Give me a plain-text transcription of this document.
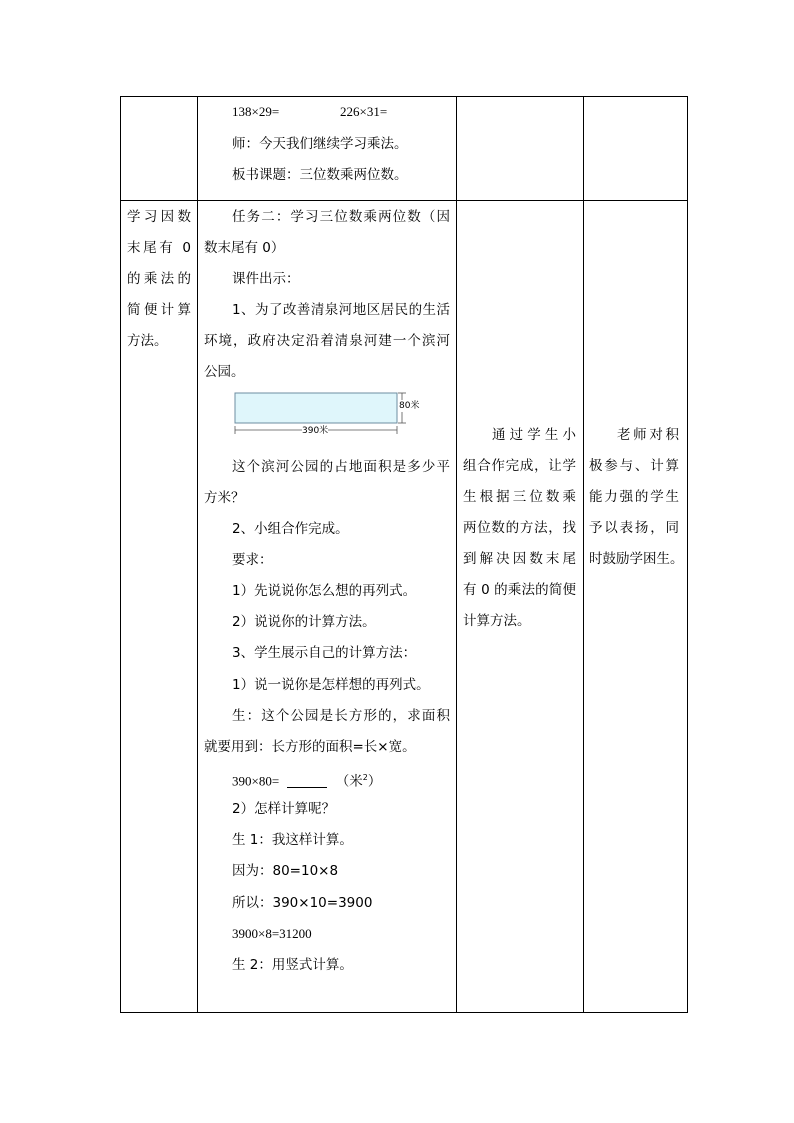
138×29=	226×31=
师：今天我们继续学习乘法。
板书课题：三位数乘两位数。
学习因数
末尾有 0
的乘法的
简便计算
方法。
任务二：学习三位数乘两位数（因
数末尾有 0）
课件出示：
1、为了改善清泉河地区居民的生活
环境，政府决定沿着清泉河建一个滨河
公园。
80米
390米
这个滨河公园的占地面积是多少平
方米？
2、小组合作完成。
要求：
1）先说说你怎么想的再列式。
2）说说你的计算方法。
3、学生展示自己的计算方法：
1）说一说你是怎样想的再列式。
生：这个公园是长方形的，求面积
就要用到：长方形的面积=长×宽。
390×80=	（米$^2$）
2）怎样计算呢？
生 1：我这样计算。
因为：80=10×8
所以：390×10=3900
3900×8=31200
生 2：用竖式计算。
通过学生小
组合作完成，让学
生根据三位数乘
两位数的方法，找
到解决因数末尾
有 0 的乘法的简便
计算方法。
老师对积
极参与、计算
能力强的学生
予以表扬，同
时鼓励学困生。
